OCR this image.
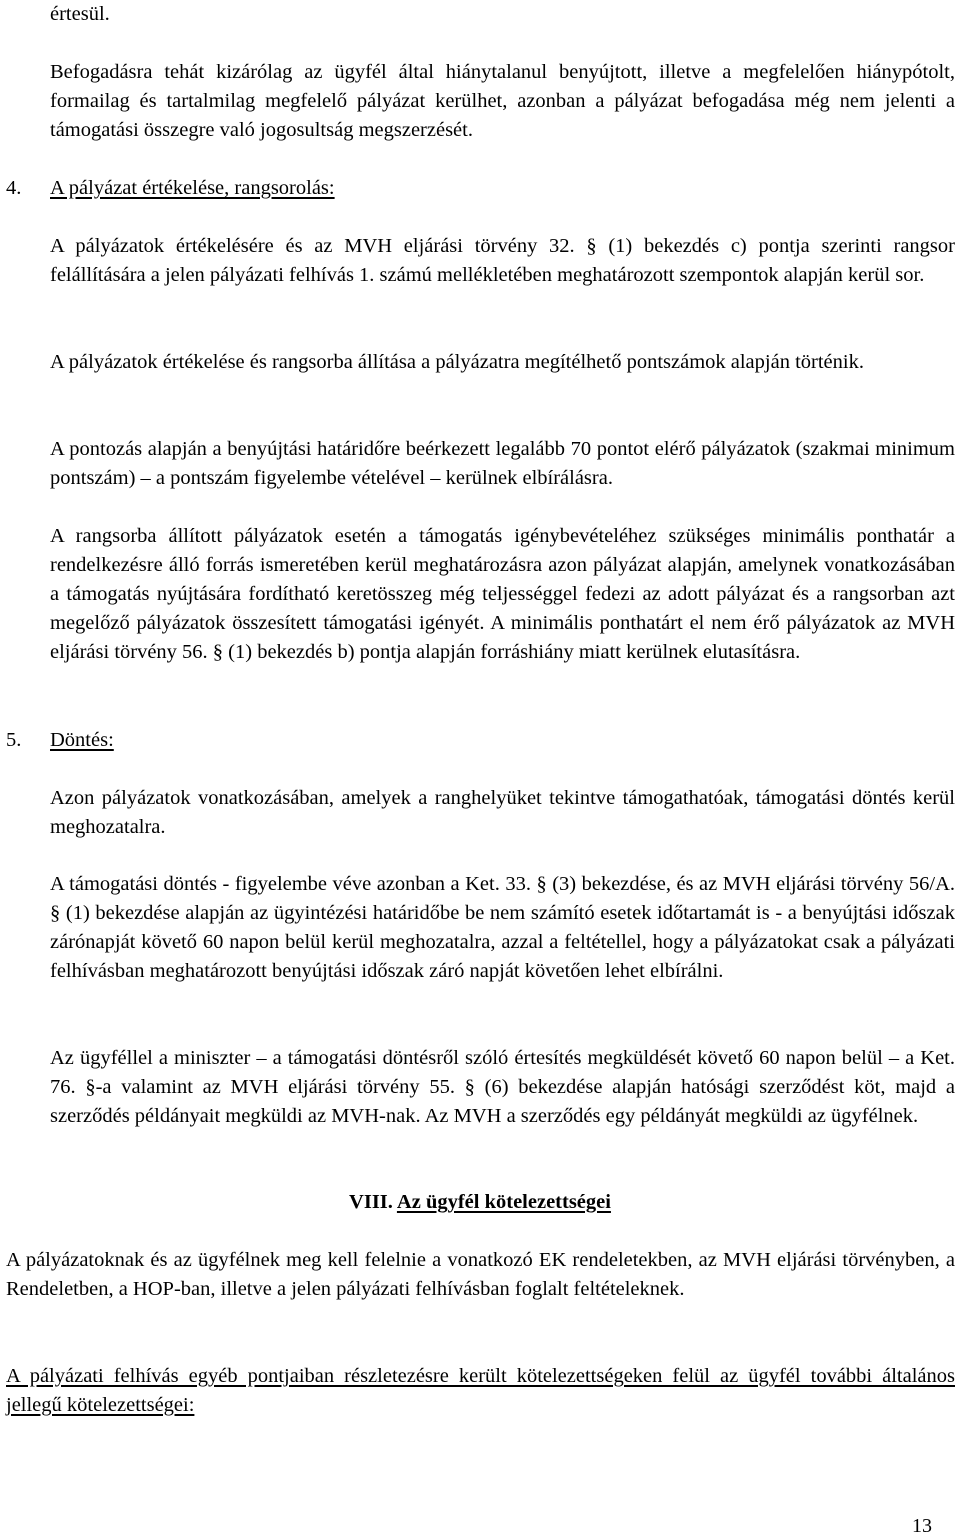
értesül.

Befogadásra tehát kizárólag az ügyfél által hiánytalanul benyújtott, illetve a megfelelően hiánypótolt, formailag és tartalmilag megfelelő pályázat kerülhet, azonban a pályázat befogadása még nem jelenti a támogatási összegre való jogosultság megszerzését.

4. A pályázat értékelése, rangsorolás:

A pályázatok értékelésére és az MVH eljárási törvény 32. § (1) bekezdés c) pontja szerinti rangsor felállítására a jelen pályázati felhívás 1. számú mellékletében meghatározott szempontok alapján kerül sor.

A pályázatok értékelése és rangsorba állítása a pályázatra megítélhető pontszámok alapján történik.

A pontozás alapján a benyújtási határidőre beérkezett legalább 70 pontot elérő pályázatok (szakmai minimum pontszám) – a pontszám figyelembe vételével – kerülnek elbírálásra.

A rangsorba állított pályázatok esetén a támogatás igénybevételéhez szükséges minimális ponthatár a rendelkezésre álló forrás ismeretében kerül meghatározásra azon pályázat alapján, amelynek vonatkozásában a támogatás nyújtására fordítható keretösszeg még teljességgel fedezi az adott pályázat és a rangsorban azt megelőző pályázatok összesített támogatási igényét. A minimális ponthatárt el nem érő pályázatok az MVH eljárási törvény 56. § (1) bekezdés b) pontja alapján forráshiány miatt kerülnek elutasításra.

5. Döntés:

Azon pályázatok vonatkozásában, amelyek a ranghelyüket tekintve támogathatóak, támogatási döntés kerül meghozatalra.

A támogatási döntés - figyelembe véve azonban a Ket. 33. § (3) bekezdése, és az MVH eljárási törvény 56/A. § (1) bekezdése alapján az ügyintézési határidőbe be nem számító esetek időtartamát is - a benyújtási időszak zárónapját követő 60 napon belül kerül meghozatalra, azzal a feltétellel, hogy a pályázatokat csak a pályázati felhívásban meghatározott benyújtási időszak záró napját követően lehet elbírálni.

Az ügyféllel a miniszter – a támogatási döntésről szóló értesítés megküldését követő 60 napon belül – a Ket. 76. §-a valamint az MVH eljárási törvény 55. § (6) bekezdése alapján hatósági szerződést köt, majd a szerződés példányait megküldi az MVH-nak. Az MVH a szerződés egy példányát megküldi az ügyfélnek.

VIII. Az ügyfél kötelezettségei

A pályázatoknak és az ügyfélnek meg kell felelnie a vonatkozó EK rendeletekben, az MVH eljárási törvényben, a Rendeletben, a HOP-ban, illetve a jelen pályázati felhívásban foglalt feltételeknek.

A pályázati felhívás egyéb pontjaiban részletezésre került kötelezettségeken felül az ügyfél további általános jellegű kötelezettségei:

13
